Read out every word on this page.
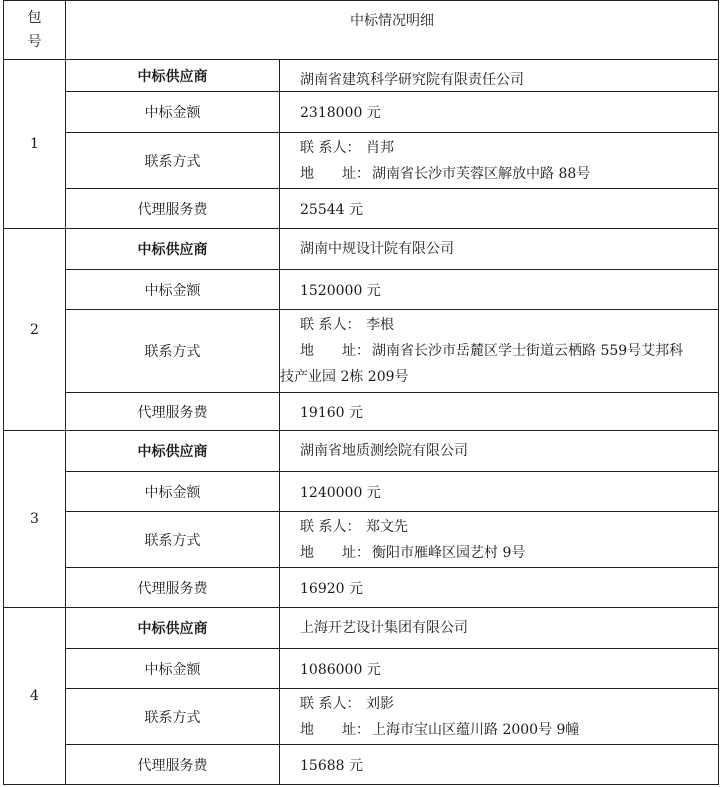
包
号	中标情况明细	
1	中标供应商	湖南省建筑科学研究院有限责任公司
	中标金额	2318000 元
	联系方式	联 系人： 肖邦
地　　址： 湖南省长沙市芙蓉区解放中路 88号

	代理服务费	25544 元
2	中标供应商	湖南中规设计院有限公司
	中标金额	1520000 元
	联系方式	联 系人： 李根
地　　址： 湖南省长沙市岳麓区学士街道云栖路 559号艾邦科
技产业园 2栋 209号

	代理服务费	19160 元
3	中标供应商	湖南省地质测绘院有限公司
	中标金额	1240000 元
	联系方式	联 系人： 郑文先
地　　址： 衡阳市雁峰区园艺村 9号

	代理服务费	16920 元
4	中标供应商	上海开艺设计集团有限公司
	中标金额	1086000 元
	联系方式	联 系人： 刘影
地　　址： 上海市宝山区蕴川路 2000号 9幢

	代理服务费	15688 元
